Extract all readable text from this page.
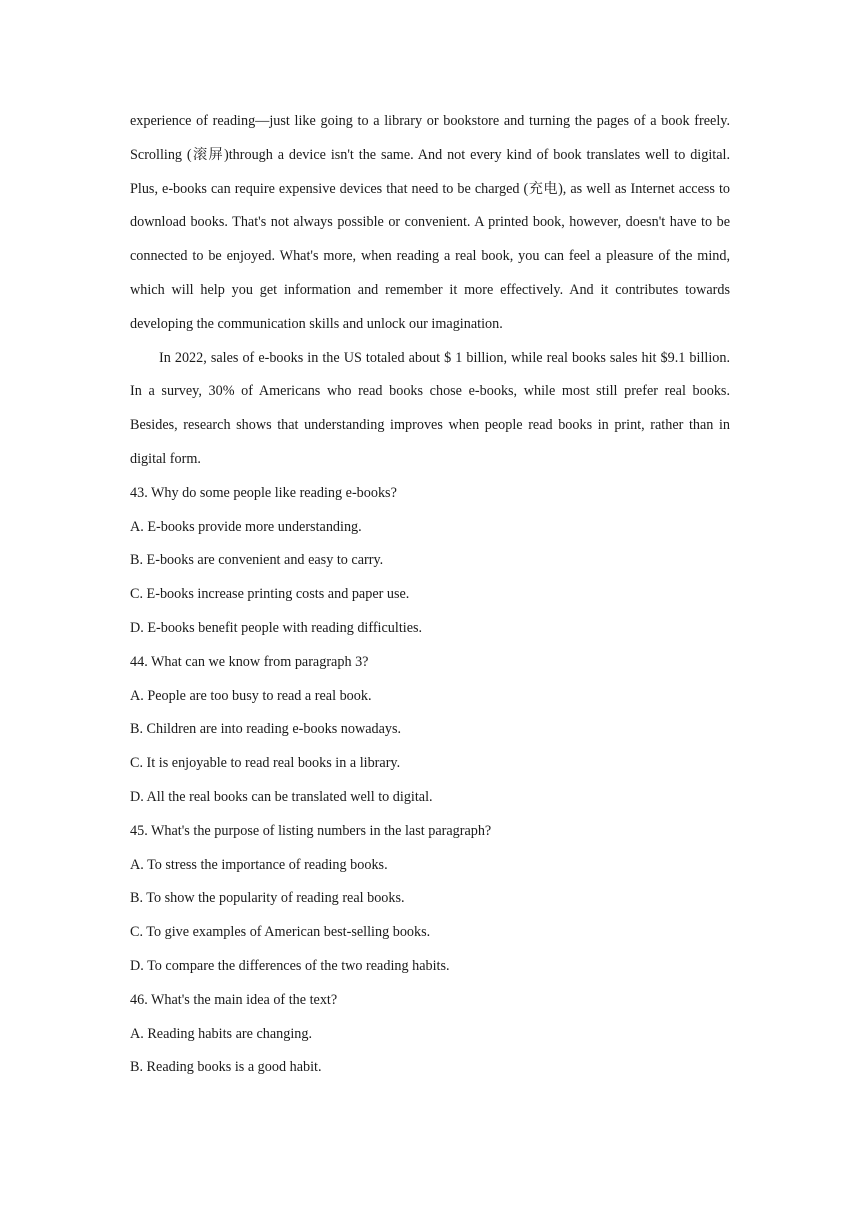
experience of reading—just like going to a library or bookstore and turning the pages of a book freely. Scrolling (滚屏)through a device isn't the same. And not every kind of book translates well to digital. Plus, e-books can require expensive devices that need to be charged (充电), as well as Internet access to download books. That's not always possible or convenient. A printed book, however, doesn't have to be connected to be enjoyed. What's more, when reading a real book, you can feel a pleasure of the mind, which will help you get information and remember it more effectively. And it contributes towards developing the communication skills and unlock our imagination.

In 2022, sales of e-books in the US totaled about $ 1 billion, while real books sales hit $9.1 billion. In a survey, 30% of Americans who read books chose e-books, while most still prefer real books. Besides, research shows that understanding improves when people read books in print, rather than in digital form.

43. Why do some people like reading e-books?

A. E-books provide more understanding.

B. E-books are convenient and easy to carry.

C. E-books increase printing costs and paper use.

D. E-books benefit people with reading difficulties.

44. What can we know from paragraph 3?

A. People are too busy to read a real book.

B. Children are into reading e-books nowadays.

C. It is enjoyable to read real books in a library.

D. All the real books can be translated well to digital.

45. What's the purpose of listing numbers in the last paragraph?

A. To stress the importance of reading books.

B. To show the popularity of reading real books.

C. To give examples of American best-selling books.

D. To compare the differences of the two reading habits.

46. What's the main idea of the text?

A. Reading habits are changing.

B. Reading books is a good habit.
